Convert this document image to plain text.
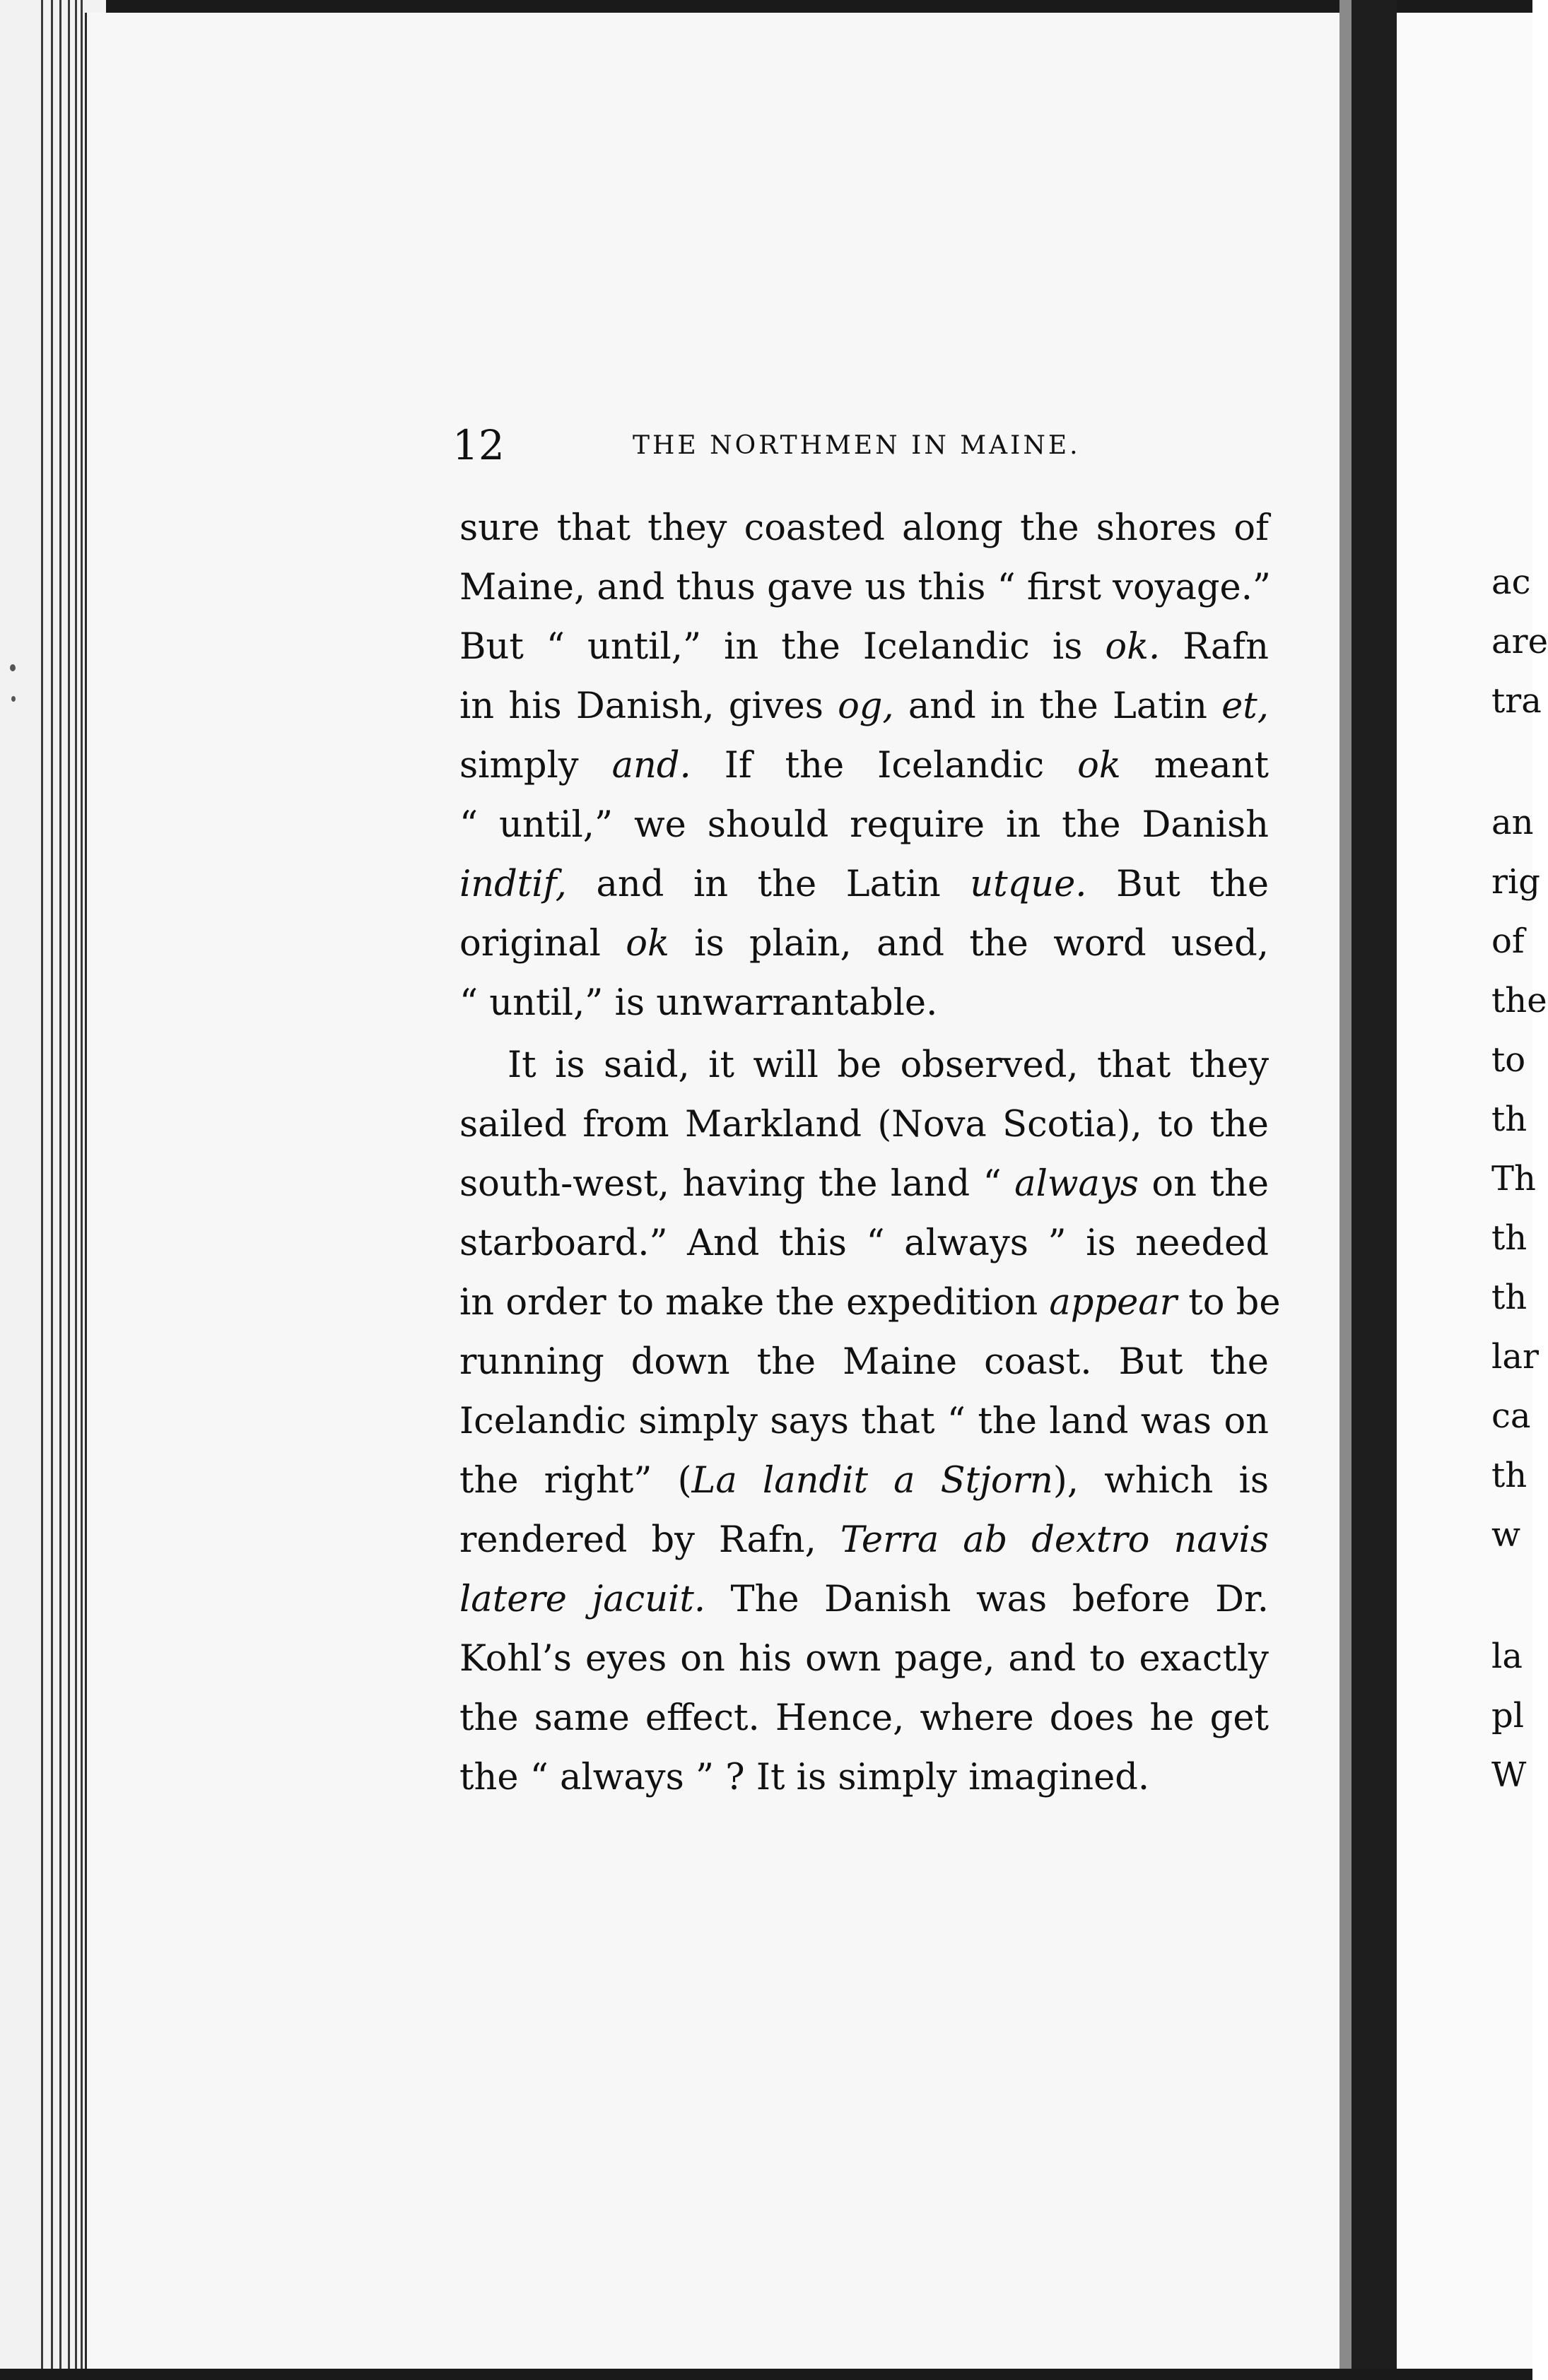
12	THE NORTHMEN IN MAINE.
sure that they coasted along the shores of
Maine, and thus gave us this “ first voyage.”
But “ until,” in the Icelandic is ok. Rafn
in his Danish, gives og, and in the Latin et,
simply and. If the Icelandic ok meant
“ until,” we should require in the Danish
indtif, and in the Latin utque. But the
original ok is plain, and the word used,
“ until,” is unwarrantable.
It is said, it will be observed, that they
sailed from Markland (Nova Scotia), to the
south-west, having the land “ always on the
starboard.” And this “ always ” is needed
in order to make the expedition appear to be
running down the Maine coast. But the
Icelandic simply says that “ the land was on
the right” (La landit a Stjorn), which is
rendered by Rafn, Terra ab dextro navis
latere jacuit. The Danish was before Dr.
Kohl’s eyes on his own page, and to exactly
the same effect. Hence, where does he get
the “ always ” ? It is simply imagined.
ac
are
tra
an
rig
of
the
to
th
Th
th
th
lar
ca
th
w
la
pl
W
